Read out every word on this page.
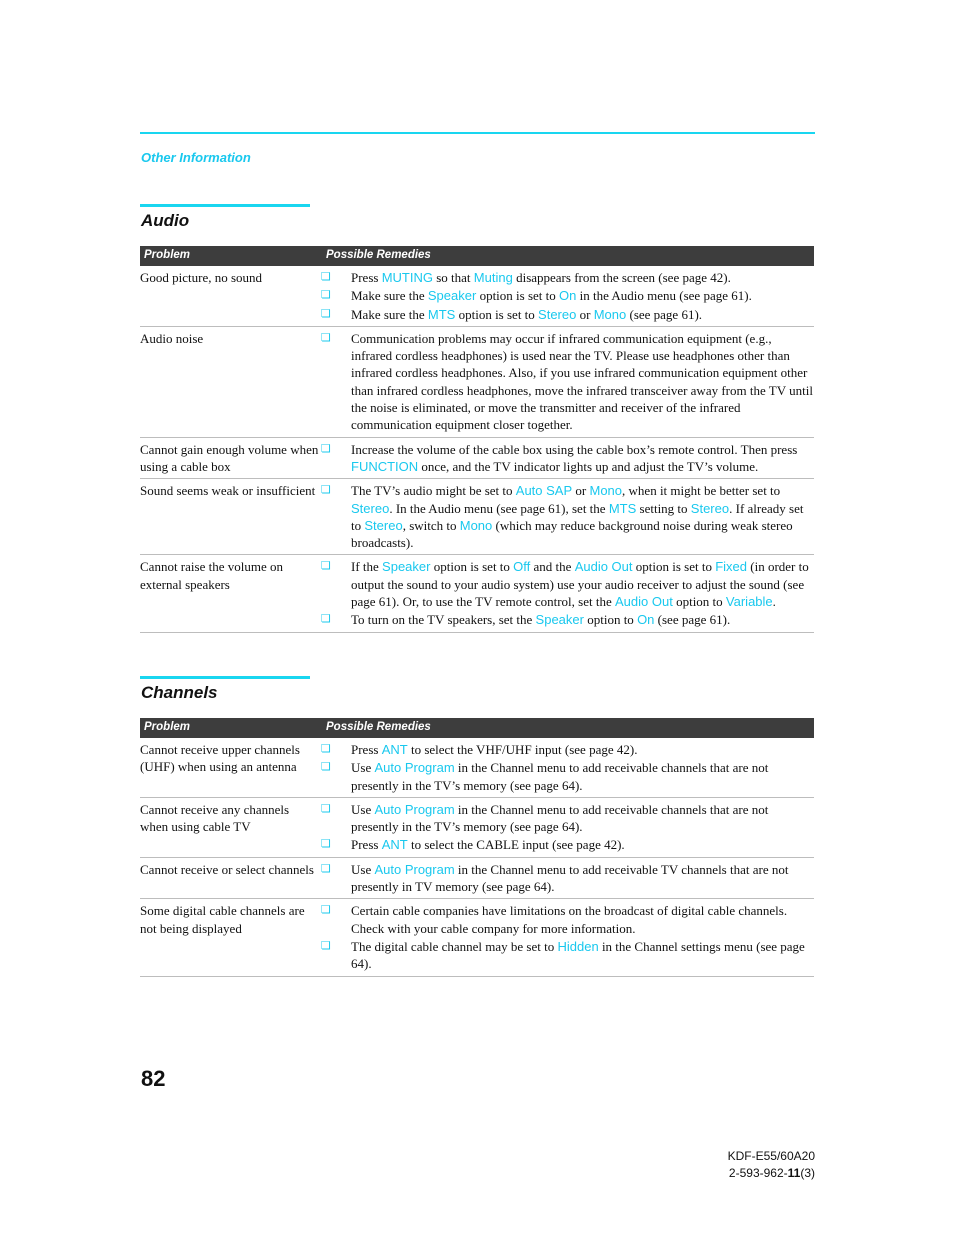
Other Information
Audio
Problem	Possible Remedies
Good picture, no sound	❏	Press MUTING so that Muting disappears from the screen (see page 42).
❏	Make sure the Speaker option is set to On in the Audio menu (see page 61).
❏	Make sure the MTS option is set to Stereo or Mono (see page 61).
Audio noise	❏	Communication problems may occur if infrared communication equipment (e.g., infrared cordless headphones) is used near the TV. Please use headphones other than infrared cordless headphones. Also, if you use infrared communication equipment other than infrared cordless headphones, move the infrared transceiver away from the TV until the noise is eliminated, or move the transmitter and receiver of the infrared communication equipment closer together.
Cannot gain enough volume when using a cable box
❏	Increase the volume of the cable box using the cable box’s remote control. Then press FUNCTION once, and the TV indicator lights up and adjust the TV’s volume.
Sound seems weak or insufficient ❏	The TV’s audio might be set to Auto SAP or Mono, when it might be better set to Stereo. In the Audio menu (see page 61), set the MTS setting to Stereo. If already set to Stereo, switch to Mono (which may reduce background noise during weak stereo broadcasts).
Cannot raise the volume on external speakers
❏	If the Speaker option is set to Off and the Audio Out option is set to Fixed (in order to output the sound to your audio system) use your audio receiver to adjust the sound (see page 61). Or, to use the TV remote control, set the Audio Out option to Variable.
❏	To turn on the TV speakers, set the Speaker option to On (see page 61).
Channels
Problem	Possible Remedies
Cannot receive upper channels (UHF) when using an antenna
❏	Press ANT to select the VHF/UHF input (see page 42).
❏	Use Auto Program in the Channel menu to add receivable channels that are not presently in the TV’s memory (see page 64).
Cannot receive any channels when using cable TV
❏	Use Auto Program in the Channel menu to add receivable channels that are not presently in the TV’s memory (see page 64).
❏	Press ANT to select the CABLE input (see page 42).
Cannot receive or select channels ❏	Use Auto Program in the Channel menu to add receivable TV channels that are not presently in TV memory (see page 64).
Some digital cable channels are not being displayed
❏	Certain cable companies have limitations on the broadcast of digital cable channels. Check with your cable company for more information.
❏	The digital cable channel may be set to Hidden in the Channel settings menu (see page 64).
82
KDF-E55/60A20
2-593-962-11(3)
